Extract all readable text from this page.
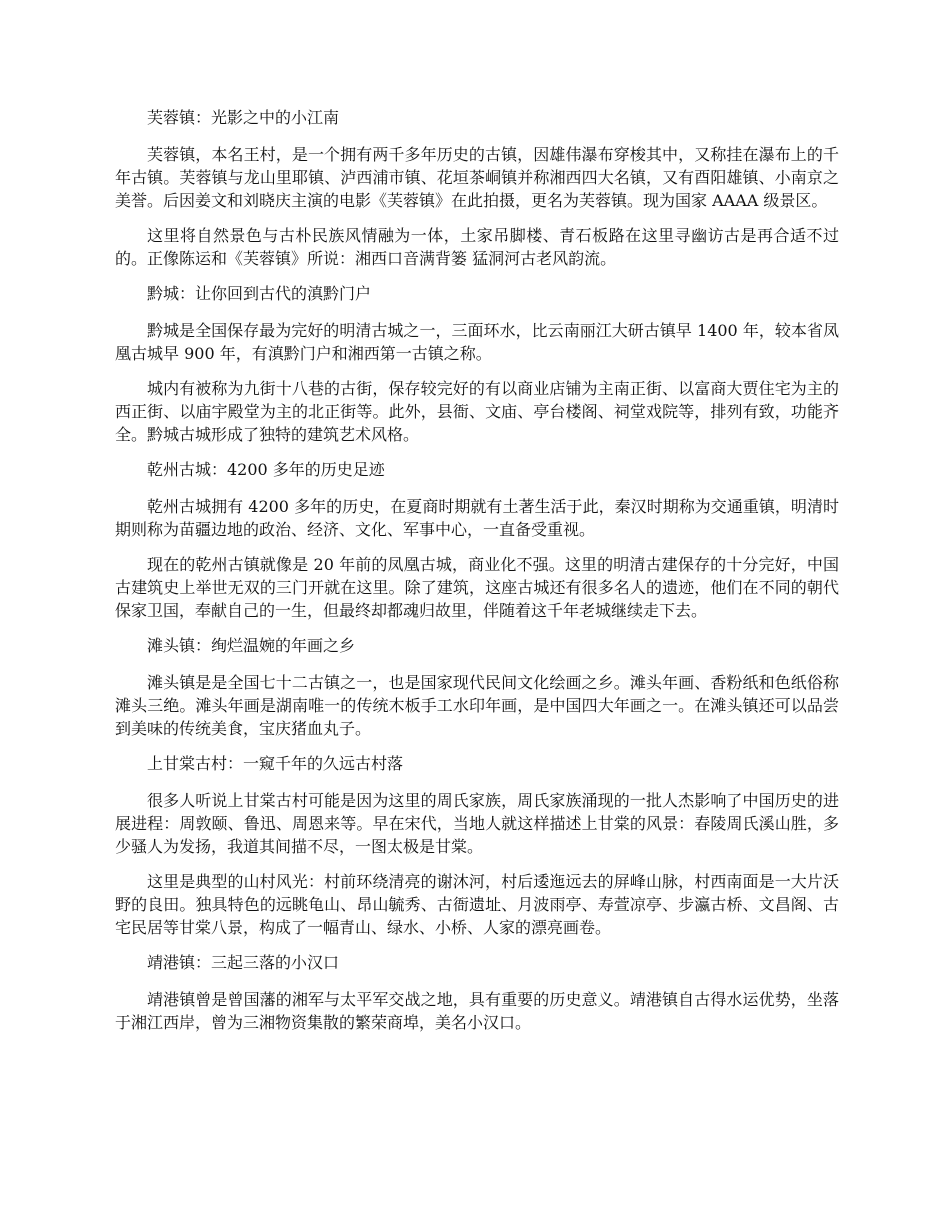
芙蓉镇：光影之中的小江南

芙蓉镇，本名王村，是一个拥有两千多年历史的古镇，因雄伟瀑布穿梭其中，又称挂在瀑布上的千年古镇。芙蓉镇与龙山里耶镇、泸西浦市镇、花垣茶峒镇并称湘西四大名镇，又有酉阳雄镇、小南京之美誉。后因姜文和刘晓庆主演的电影《芙蓉镇》在此拍摄，更名为芙蓉镇。现为国家 AAAA 级景区。

这里将自然景色与古朴民族风情融为一体，土家吊脚楼、青石板路在这里寻幽访古是再合适不过的。正像陈运和《芙蓉镇》所说：湘西口音满背篓 猛洞河古老风韵流。

黔城：让你回到古代的滇黔门户

黔城是全国保存最为完好的明清古城之一，三面环水，比云南丽江大研古镇早 1400 年，较本省凤凰古城早 900 年，有滇黔门户和湘西第一古镇之称。

城内有被称为九街十八巷的古街，保存较完好的有以商业店铺为主南正街、以富商大贾住宅为主的西正街、以庙宇殿堂为主的北正街等。此外，县衙、文庙、亭台楼阁、祠堂戏院等，排列有致，功能齐全。黔城古城形成了独特的建筑艺术风格。

乾州古城：4200 多年的历史足迹

乾州古城拥有 4200 多年的历史，在夏商时期就有土著生活于此，秦汉时期称为交通重镇，明清时期则称为苗疆边地的政治、经济、文化、军事中心，一直备受重视。

现在的乾州古镇就像是 20 年前的凤凰古城，商业化不强。这里的明清古建保存的十分完好，中国古建筑史上举世无双的三门开就在这里。除了建筑，这座古城还有很多名人的遗迹，他们在不同的朝代保家卫国，奉献自己的一生，但最终却都魂归故里，伴随着这千年老城继续走下去。

滩头镇：绚烂温婉的年画之乡

滩头镇是是全国七十二古镇之一，也是国家现代民间文化绘画之乡。滩头年画、香粉纸和色纸俗称滩头三绝。滩头年画是湖南唯一的传统木板手工水印年画，是中国四大年画之一。在滩头镇还可以品尝到美味的传统美食，宝庆猪血丸子。

上甘棠古村：一窥千年的久远古村落

很多人听说上甘棠古村可能是因为这里的周氏家族，周氏家族涌现的一批人杰影响了中国历史的进展进程：周敦颐、鲁迅、周恩来等。早在宋代，当地人就这样描述上甘棠的风景：春陵周氏溪山胜，多少骚人为发扬，我道其间描不尽，一图太极是甘棠。

这里是典型的山村风光：村前环绕清亮的谢沐河，村后逶迤远去的屏峰山脉，村西南面是一大片沃野的良田。独具特色的远眺龟山、昂山毓秀、古衙遗址、月波雨亭、寿萱凉亭、步瀛古桥、文昌阁、古宅民居等甘棠八景，构成了一幅青山、绿水、小桥、人家的漂亮画卷。

靖港镇：三起三落的小汉口

靖港镇曾是曾国藩的湘军与太平军交战之地，具有重要的历史意义。靖港镇自古得水运优势，坐落于湘江西岸，曾为三湘物资集散的繁荣商埠，美名小汉口。
